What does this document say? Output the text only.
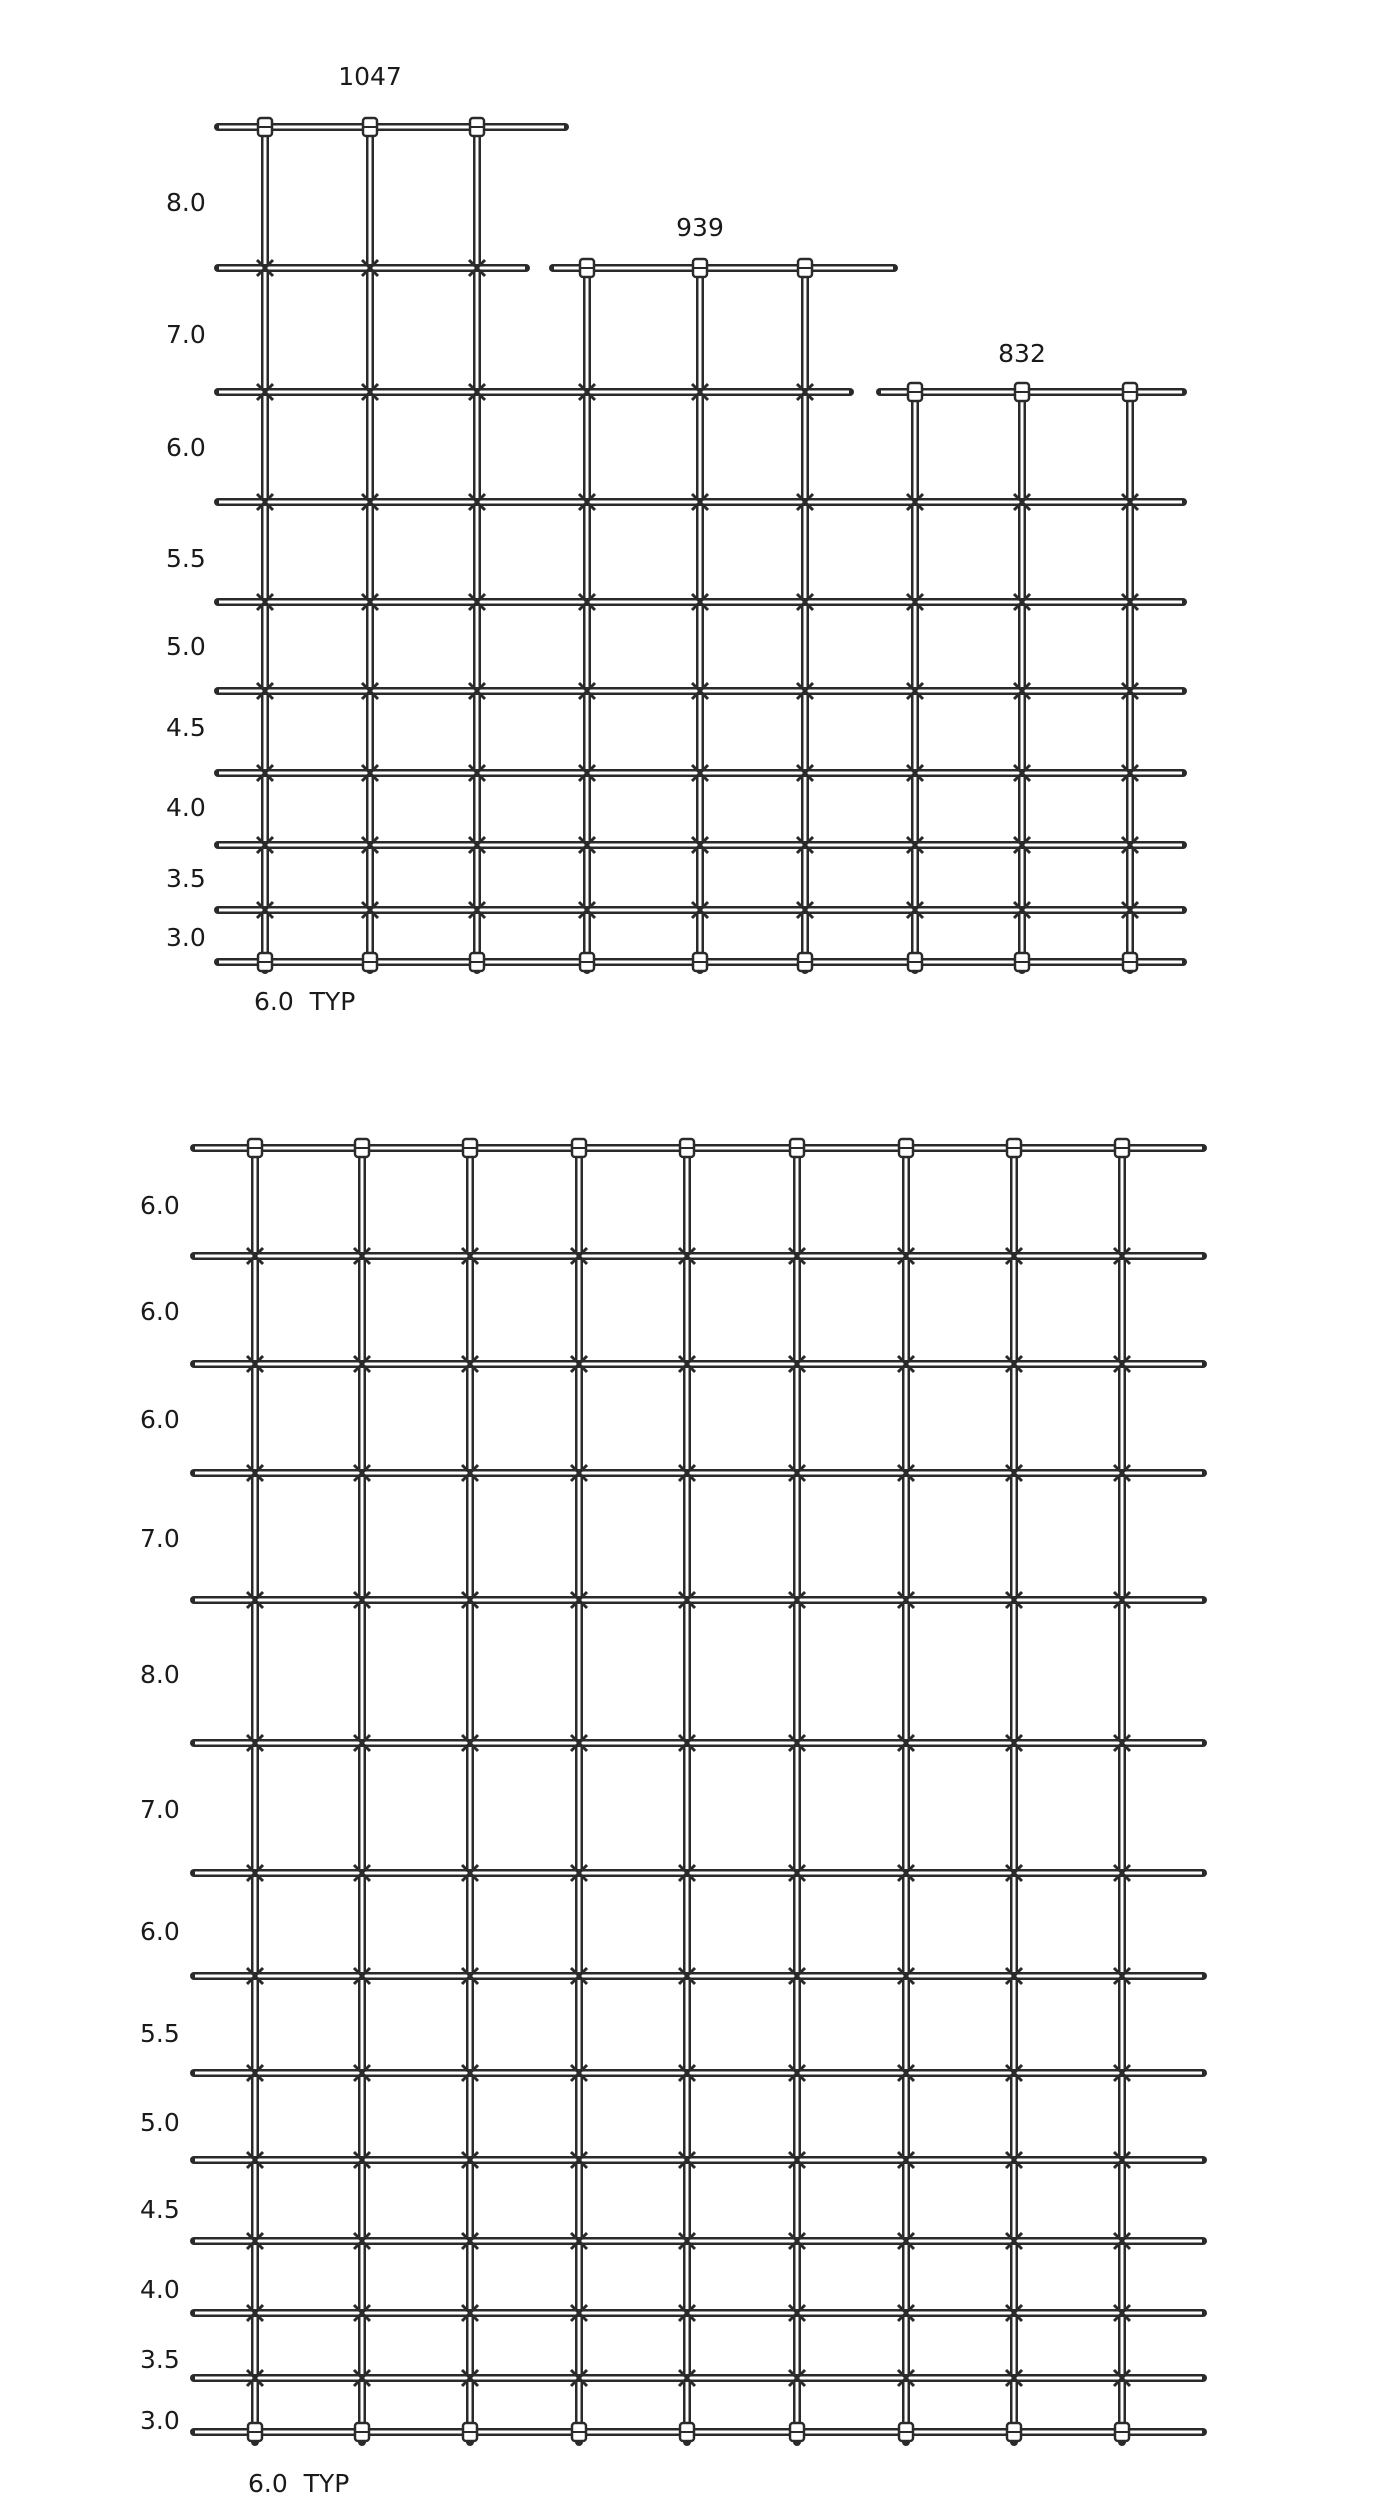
1047
939
832
8.0
7.0
6.0
5.5
5.0
4.5
4.0
3.5
3.0
6.0  TYP
6.0
6.0
6.0
7.0
8.0
7.0
6.0
5.5
5.0
4.5
4.0
3.5
3.0
6.0  TYP
